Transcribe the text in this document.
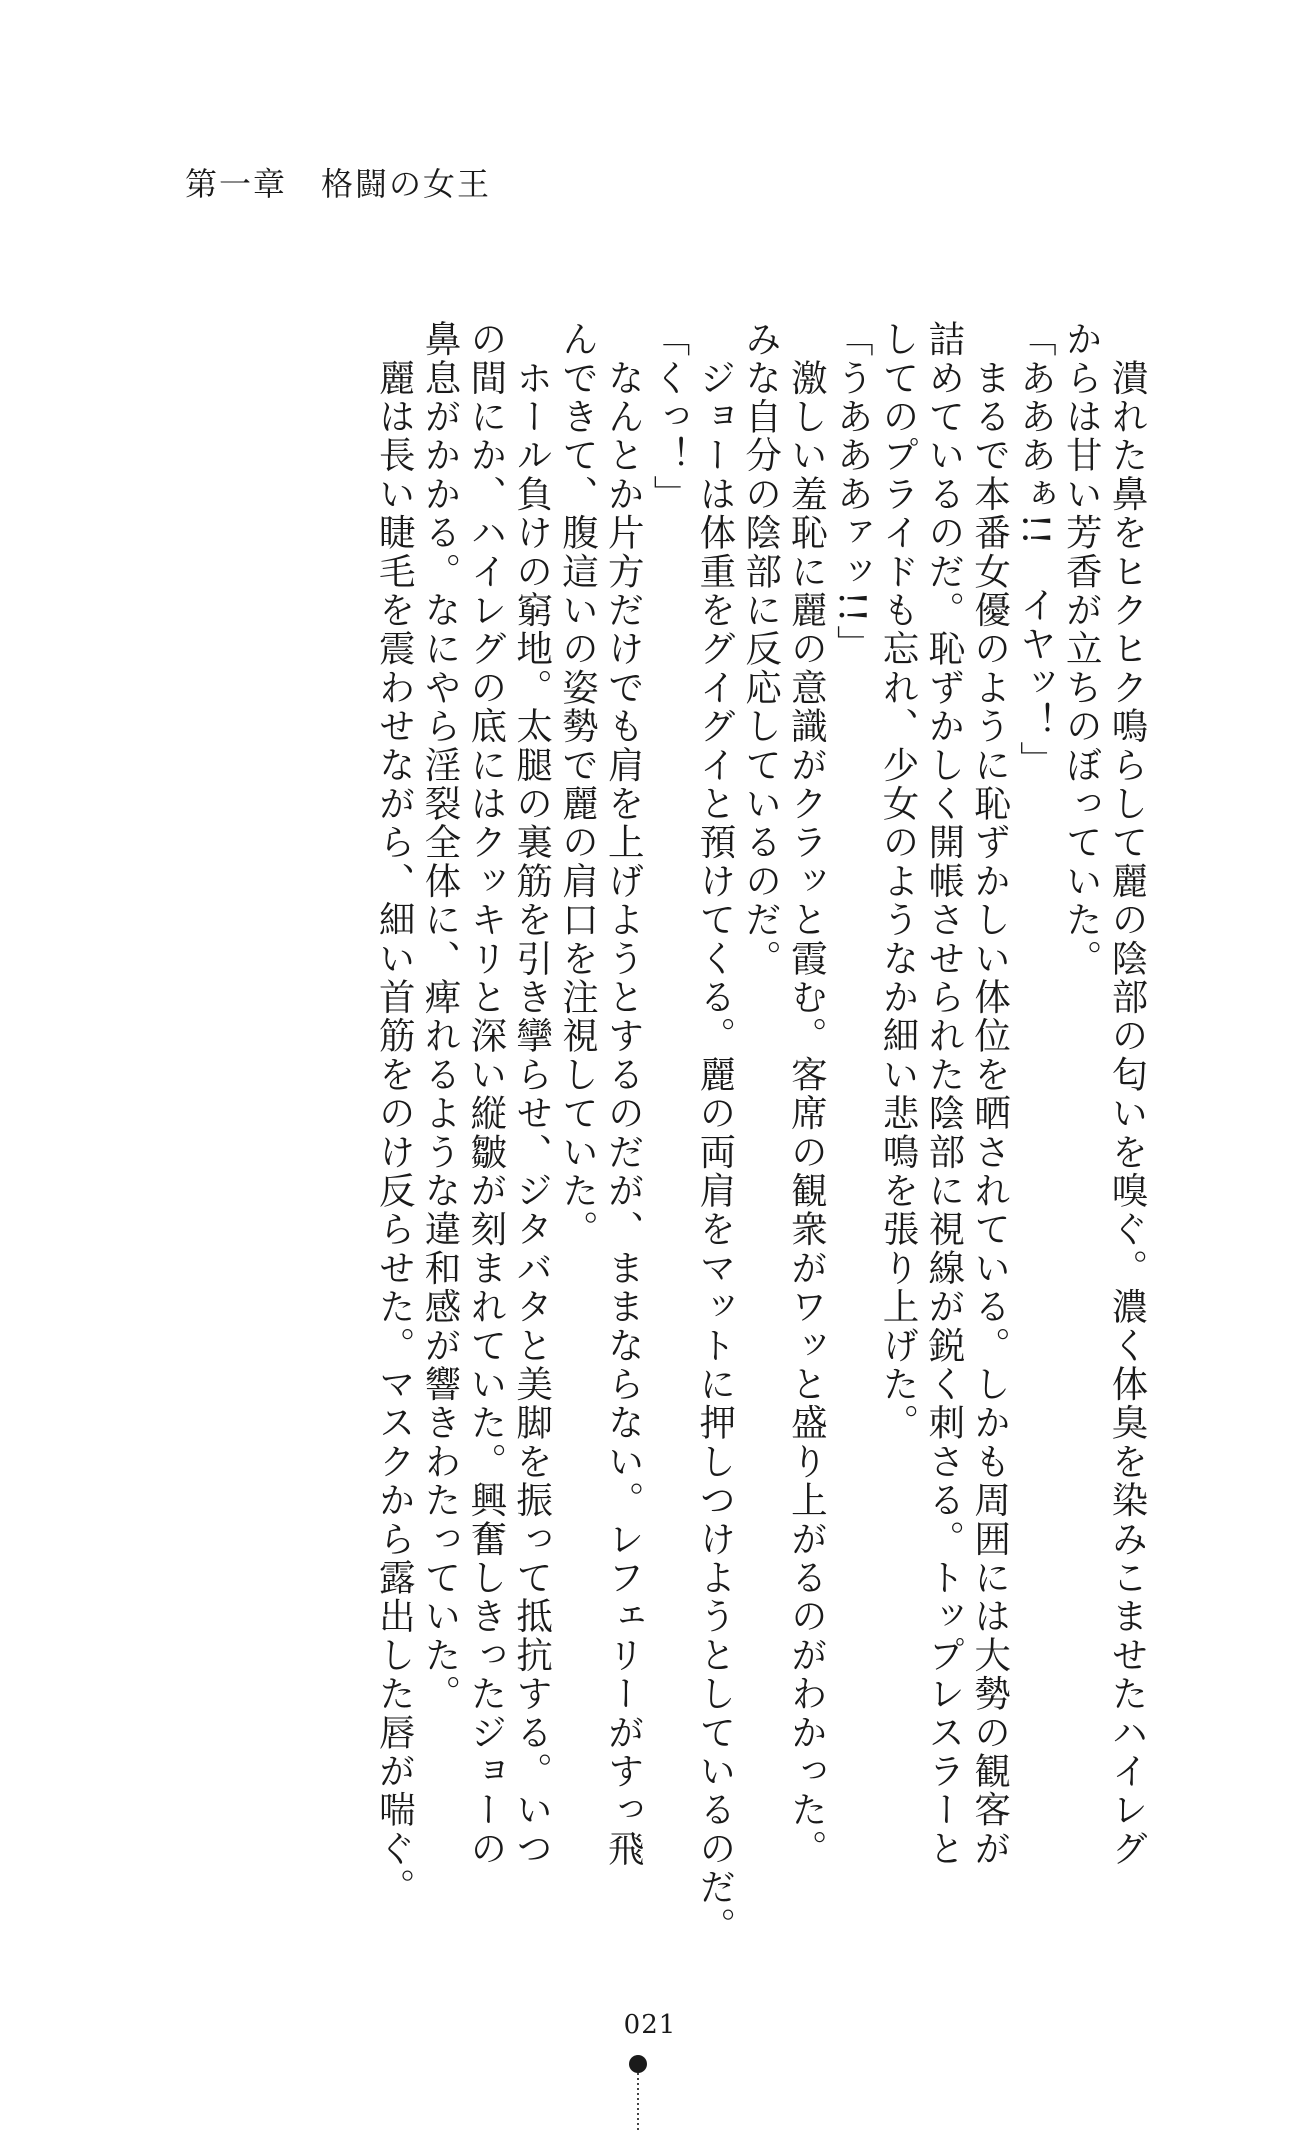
第一章　格闘の女王
　潰れた鼻をヒクヒク鳴らして麗の陰部の匂いを嗅ぐ。濃く体臭を染みこませたハイレグ
からは甘い芳香が立ちのぼっていた。
「あああぁ!!　イヤッ！」
　まるで本番女優のように恥ずかしい体位を晒されている。しかも周囲には大勢の観客が
詰めているのだ。恥ずかしく開帳させられた陰部に視線が鋭く刺さる。トップレスラーと
してのプライドも忘れ、少女のようなか細い悲鳴を張り上げた。
「うあああァッ!!」
　激しい羞恥に麗の意識がクラッと霞む。客席の観衆がワッと盛り上がるのがわかった。
みな自分の陰部に反応しているのだ。
　ジョーは体重をグイグイと預けてくる。麗の両肩をマットに押しつけようとしているのだ。
「くっ！」
　なんとか片方だけでも肩を上げようとするのだが、ままならない。レフェリーがすっ飛
んできて、腹這いの姿勢で麗の肩口を注視していた。
　ホール負けの窮地。太腿の裏筋を引き攣らせ、ジタバタと美脚を振って抵抗する。いつ
の間にか、ハイレグの底にはクッキリと深い縦皺が刻まれていた。興奮しきったジョーの
鼻息がかかる。なにやら淫裂全体に、痺れるような違和感が響きわたっていた。
　麗は長い睫毛を震わせながら、細い首筋をのけ反らせた。マスクから露出した唇が喘ぐ。
021
